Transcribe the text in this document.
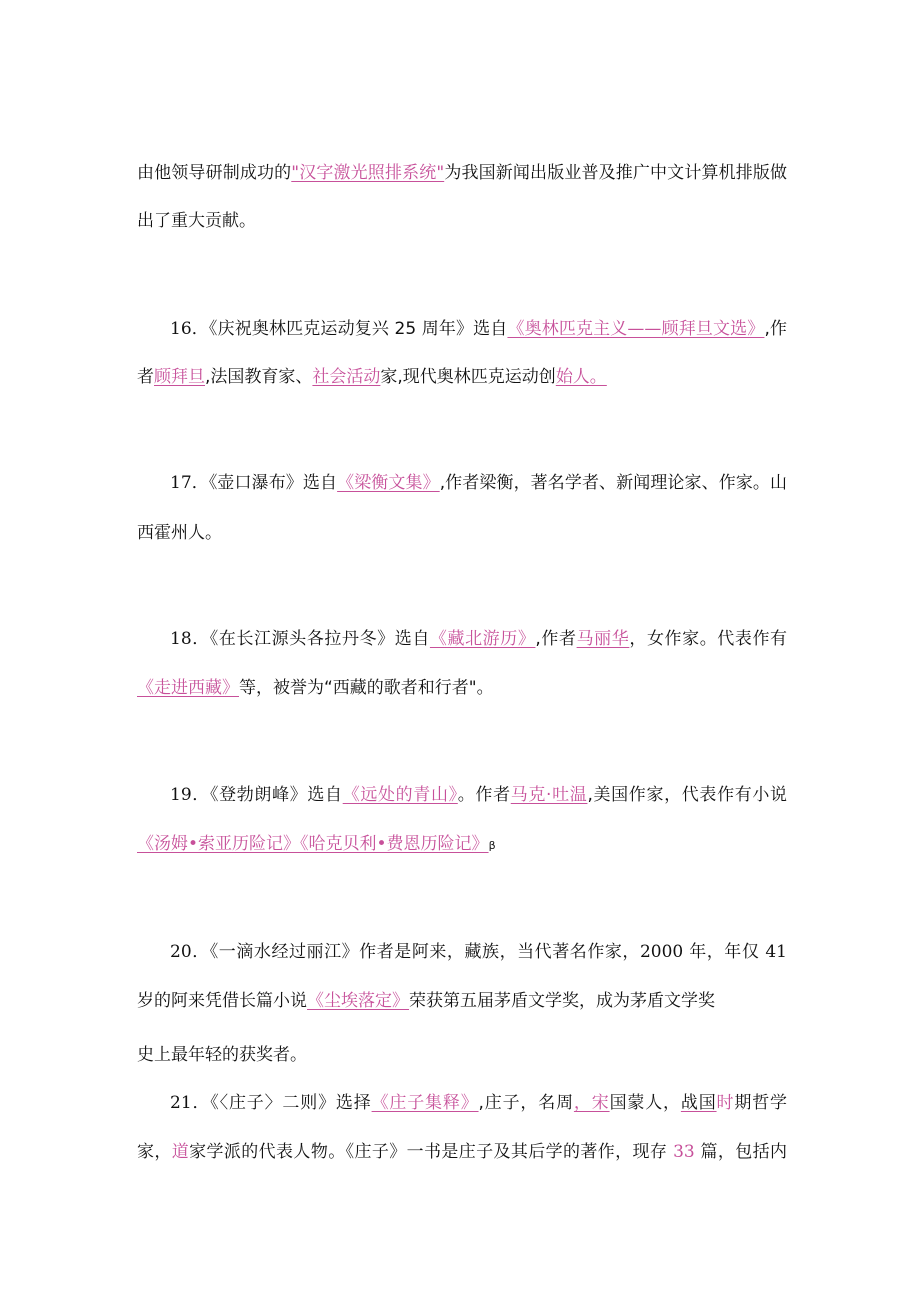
由他领导研制成功的"汉字激光照排系统"为我国新闻出版业普及推广中文计算机排版做
出了重大贡献。
16．《庆祝奥林匹克运动复兴 25 周年》选自《奥林匹克主义——顾拜旦文选》,作
者顾拜旦,法国教育家、社会活动家,现代奥林匹克运动创始人。
17．《壶口瀑布》选自《梁衡文集》,作者梁衡，著名学者、新闻理论家、作家。山
西霍州人。
18．《在长江源头各拉丹冬》选自《藏北游历》,作者马丽华，女作家。代表作有
《走进西藏》等，被誉为“西藏的歌者和行者"。
19．《登勃朗峰》选自《远处的青山》。作者马克·吐温,美国作家，代表作有小说
《汤姆•索亚历险记》《哈克贝利•费恩历险记》β
20．《一滴水经过丽江》作者是阿来，藏族，当代著名作家，2000 年，年仅 41
岁的阿来凭借长篇小说《尘埃落定》荣获第五届茅盾文学奖，成为茅盾文学奖
史上最年轻的获奖者。
21．《〈庄子〉二则》选择《庄子集释》,庄子，名周，宋国蒙人，战国时期哲学
家，道家学派的代表人物。《庄子》一书是庄子及其后学的著作，现存 33 篇，包括内
